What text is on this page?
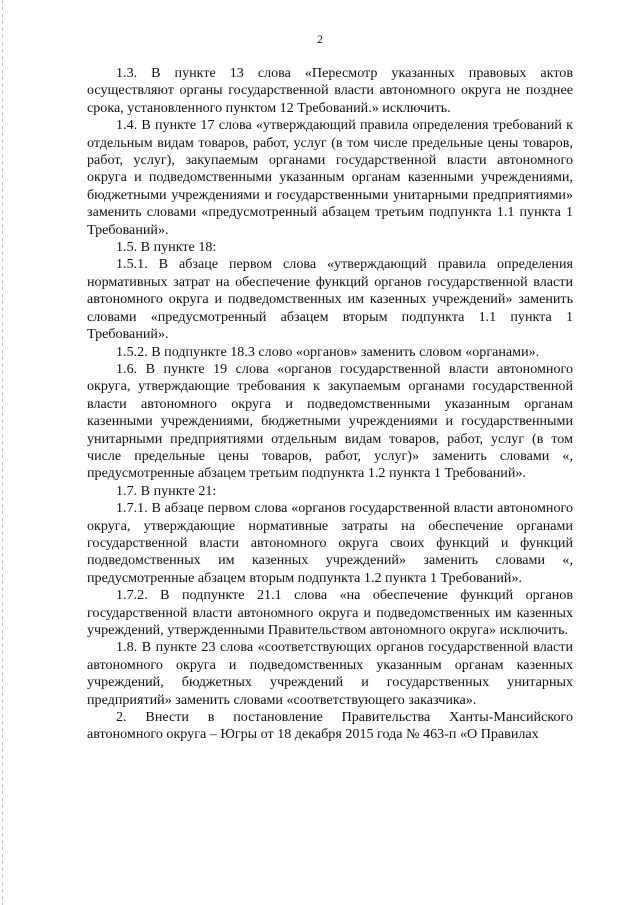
2

1.3. В пункте 13 слова «Пересмотр указанных правовых актов осуществляют органы государственной власти автономного округа не позднее срока, установленного пунктом 12 Требований.» исключить.

1.4. В пункте 17 слова «утверждающий правила определения требований к отдельным видам товаров, работ, услуг (в том числе предельные цены товаров, работ, услуг), закупаемым органами государственной власти автономного округа и подведомственными указанным органам казенными учреждениями, бюджетными учреждениями и государственными унитарными предприятиями» заменить словами «предусмотренный абзацем третьим подпункта 1.1 пункта 1 Требований».

1.5. В пункте 18:

1.5.1. В абзаце первом слова «утверждающий правила определения нормативных затрат на обеспечение функций органов государственной власти автономного округа и подведомственных им казенных учреждений» заменить словами «предусмотренный абзацем вторым подпункта 1.1 пункта 1 Требований».

1.5.2. В подпункте 18.3 слово «органов» заменить словом «органами».

1.6. В пункте 19 слова «органов государственной власти автономного округа, утверждающие требования к закупаемым органами государственной власти автономного округа и подведомственными указанным органам казенными учреждениями, бюджетными учреждениями и государственными унитарными предприятиями отдельным видам товаров, работ, услуг (в том числе предельные цены товаров, работ, услуг)» заменить словами «, предусмотренные абзацем третьим подпункта 1.2 пункта 1 Требований».

1.7. В пункте 21:

1.7.1. В абзаце первом слова «органов государственной власти автономного округа, утверждающие нормативные затраты на обеспечение органами государственной власти автономного округа своих функций и функций подведомственных им казенных учреждений» заменить словами «, предусмотренные абзацем вторым подпункта 1.2 пункта 1 Требований».

1.7.2. В подпункте 21.1 слова «на обеспечение функций органов государственной власти автономного округа и подведомственных им казенных учреждений, утвержденными Правительством автономного округа» исключить.

1.8. В пункте 23 слова «соответствующих органов государственной власти автономного округа и подведомственных указанным органам казенных учреждений, бюджетных учреждений и государственных унитарных предприятий» заменить словами «соответствующего заказчика».

2. Внести в постановление Правительства Ханты-Мансийского автономного округа – Югры от 18 декабря 2015 года № 463-п «О Правилах
